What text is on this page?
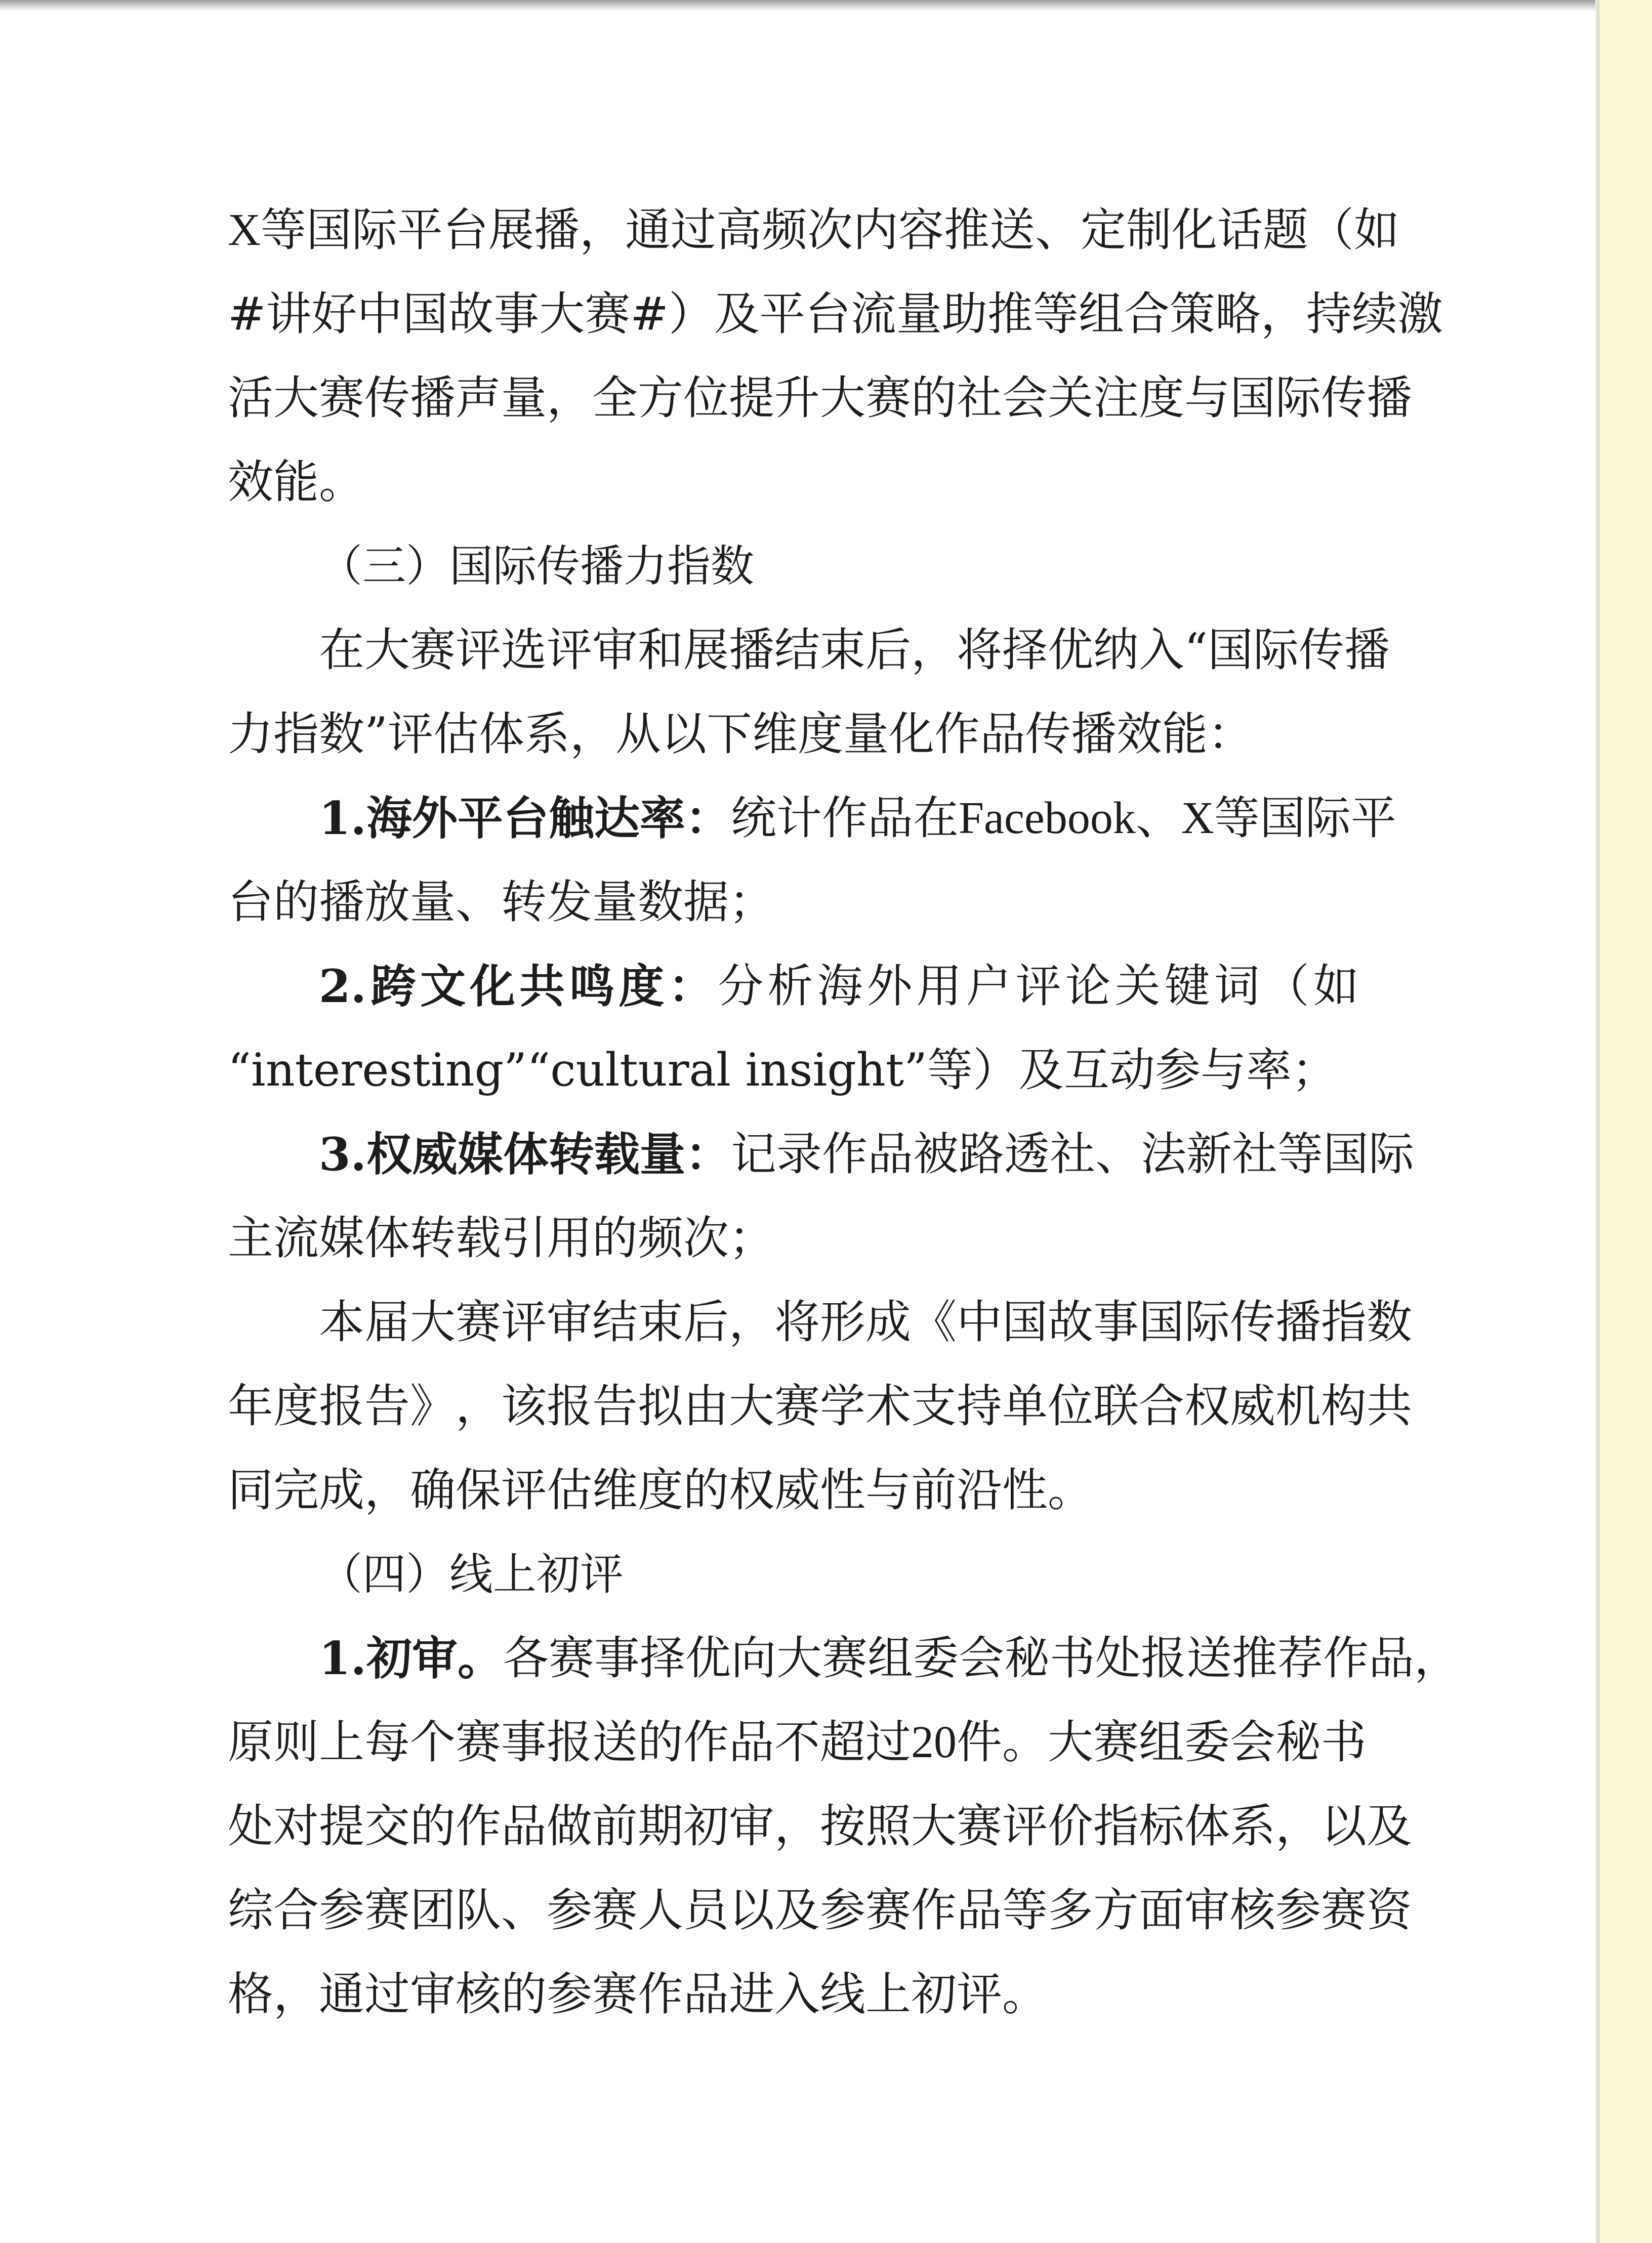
X 等 国 际 平 台 展 播 ， 通 过 高 频 次 内 容 推 送 、 定 制 化 话 题 （ 如
# 讲 好 中 国 故 事 大 赛 # ） 及 平 台 流 量 助 推 等 组 合 策 略 ， 持 续 激
活 大 赛 传 播 声 量 ， 全 方 位 提 升 大 赛 的 社 会 关 注 度 与 国 际 传 播
效能。
（三）国际传播力指数
在 大 赛 评 选 评 审 和 展 播 结 束 后 ， 将 择 优 纳 入 “ 国 际 传 播
力指数”评估体系，从以下维度量化作品传播效能：
1. 海 外 平 台 触 达 率 ： 统 计 作 品 在 Facebook 、 X 等 国 际 平
台的播放量、转发量数据；
2. 跨 文 化 共 鸣 度 ： 分 析 海 外 用 户 评 论 关 键 词 （ 如
“interesting”“cultural insight”等）及互动参与率；
3. 权 威 媒 体 转 载 量 ： 记 录 作 品 被 路 透 社 、 法 新 社 等 国 际
主流媒体转载引用的频次；
本 届 大 赛 评 审 结 束 后 ， 将 形 成 《 中 国 故 事 国 际 传 播 指 数
年 度 报 告 》 ， 该 报 告 拟 由 大 赛 学 术 支 持 单 位 联 合 权 威 机 构 共
同完成，确保评估维度的权威性与前沿性。
（四）线上初评
1. 初 审 。 各 赛 事 择 优 向 大 赛 组 委 会 秘 书 处 报 送 推 荐 作 品 ，
原 则 上 每 个 赛 事 报 送 的 作 品 不 超 过 20 件 。 大 赛 组 委 会 秘 书
处 对 提 交 的 作 品 做 前 期 初 审 ， 按 照 大 赛 评 价 指 标 体 系 ， 以 及
综 合 参 赛 团 队 、 参 赛 人 员 以 及 参 赛 作 品 等 多 方 面 审 核 参 赛 资
格，通过审核的参赛作品进入线上初评。
